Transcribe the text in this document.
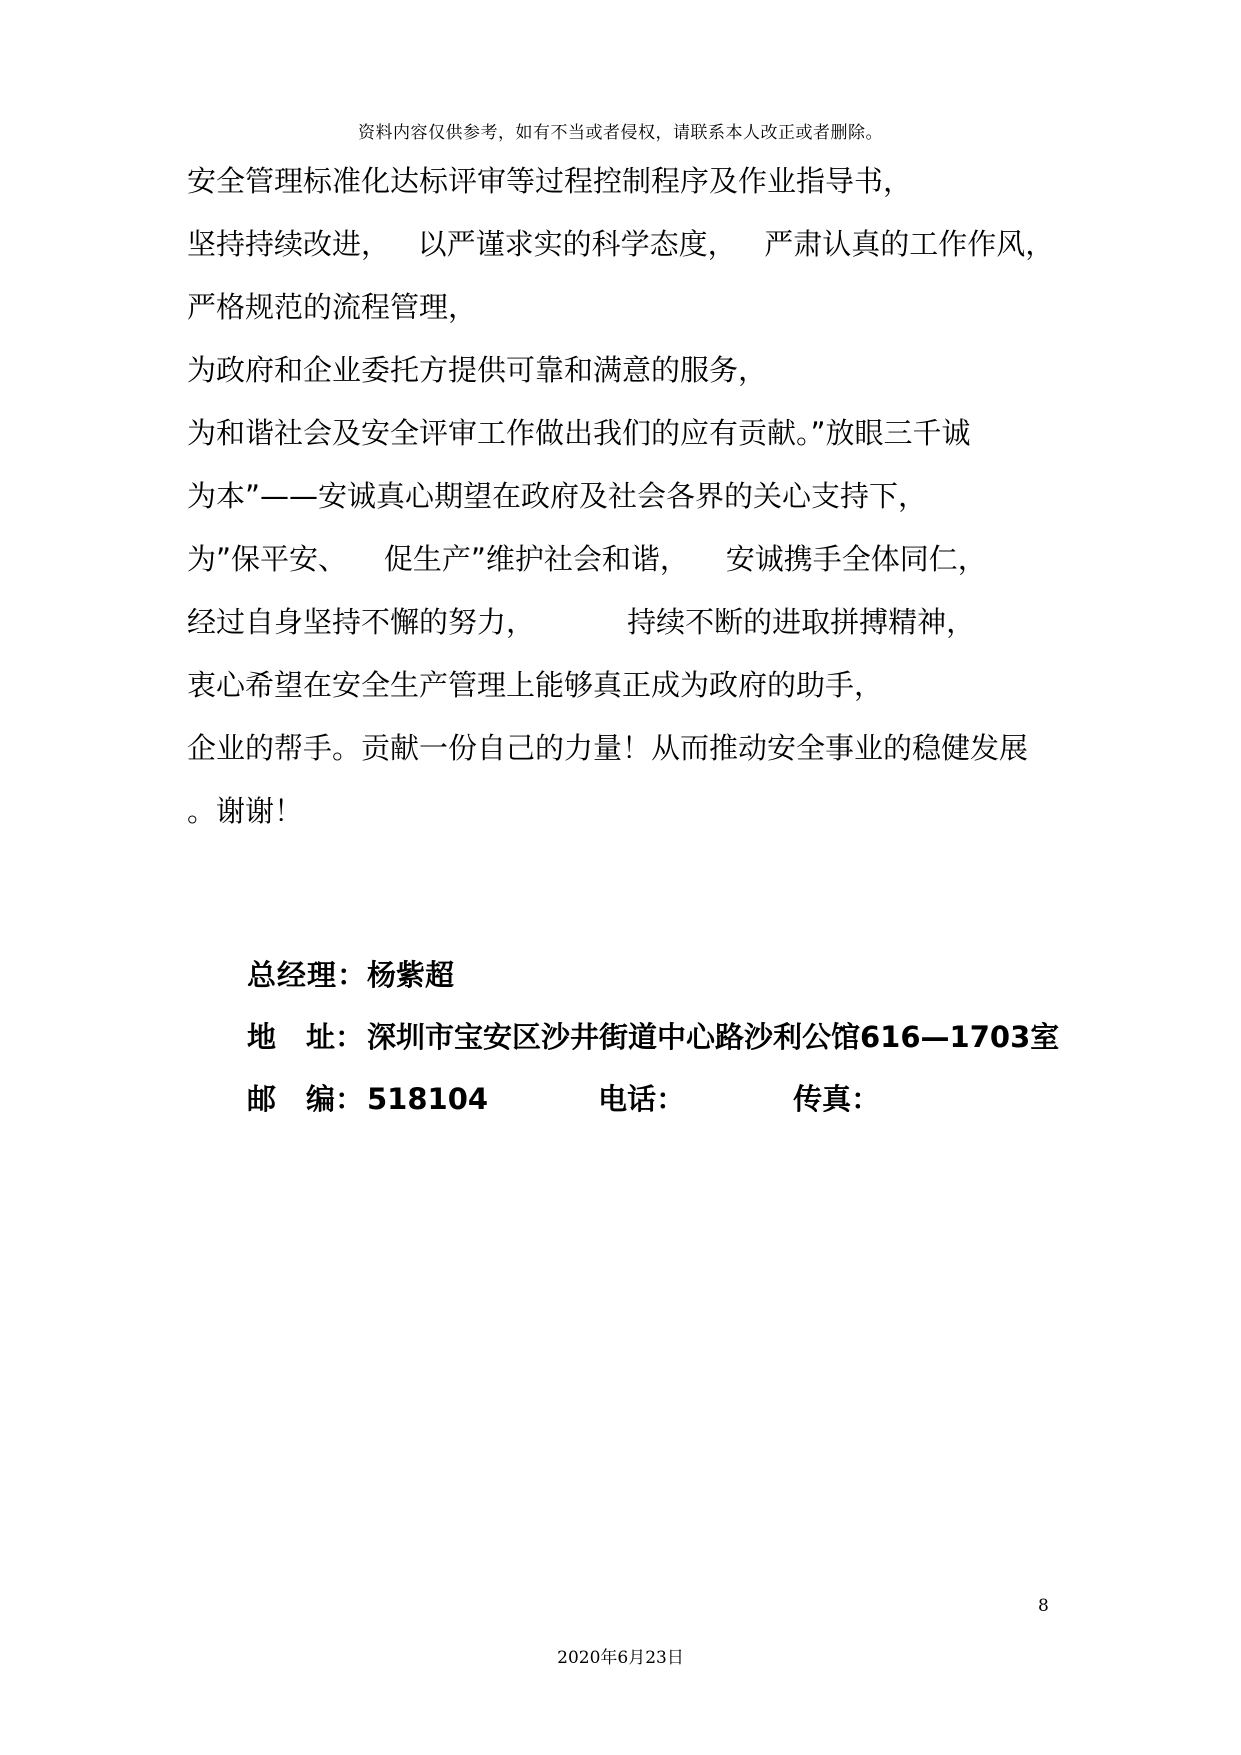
资料内容仅供参考，如有不当或者侵权，请联系本人改正或者删除。
安全管理标准化达标评审等过程控制程序及作业指导书，
坚持持续改进，   以严谨求实的科学态度，   严肃认真的工作作风，
严格规范的流程管理，
为政府和企业委托方提供可靠和满意的服务，
为和谐社会及安全评审工作做出我们的应有贡献。”放眼三千诚
为本”——安诚真心期望在政府及社会各界的关心支持下，
为”保平安、    促生产”维护社会和谐，    安诚携手全体同仁，
经过自身坚持不懈的努力，          持续不断的进取拼搏精神，
衷心希望在安全生产管理上能够真正成为政府的助手，
企业的帮手。贡献一份自己的力量！从而推动安全事业的稳健发展
。谢谢！
总经理： 杨紫超
地 址： 深圳市宝安区沙井街道中心路沙利公馆616—1703室
邮 编： 518104	电话：	传真：
8
2020年6月23日
